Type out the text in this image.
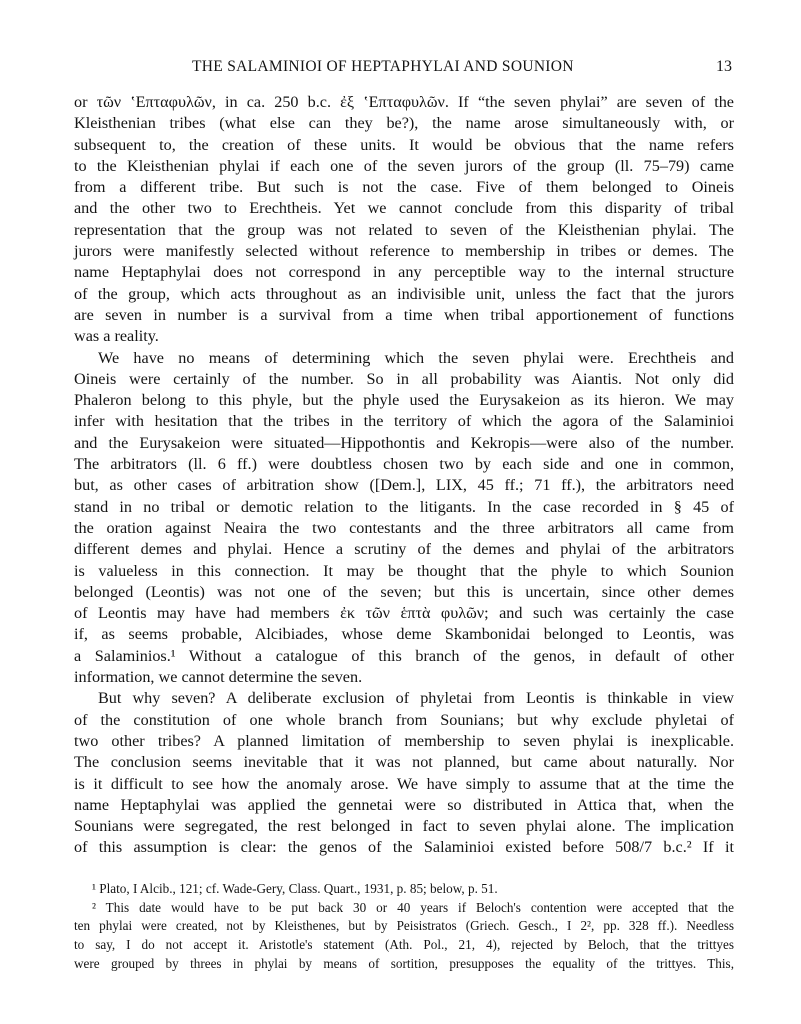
THE SALAMINIOI OF HEPTAPHYLAI AND SOUNION	13
or τῶν ʽΕπταφυλῶν, in ca. 250 b.c. ἐξ ʽΕπταφυλῶν. If “the seven phylai” are seven of the
Kleisthenian tribes (what else can they be?), the name arose simultaneously with, or
subsequent to, the creation of these units. It would be obvious that the name refers
to the Kleisthenian phylai if each one of the seven jurors of the group (ll. 75–79) came
from a different tribe. But such is not the case. Five of them belonged to Oineis
and the other two to Erechtheis. Yet we cannot conclude from this disparity of tribal
representation that the group was not related to seven of the Kleisthenian phylai. The
jurors were manifestly selected without reference to membership in tribes or demes. The
name Heptaphylai does not correspond in any perceptible way to the internal structure
of the group, which acts throughout as an indivisible unit, unless the fact that the jurors
are seven in number is a survival from a time when tribal apportionement of functions
was a reality.
We have no means of determining which the seven phylai were. Erechtheis and
Oineis were certainly of the number. So in all probability was Aiantis. Not only did
Phaleron belong to this phyle, but the phyle used the Eurysakeion as its hieron. We may
infer with hesitation that the tribes in the territory of which the agora of the Salaminioi
and the Eurysakeion were situated—Hippothontis and Kekropis—were also of the number.
The arbitrators (ll. 6 ff.) were doubtless chosen two by each side and one in common,
but, as other cases of arbitration show ([Dem.], LIX, 45 ff.; 71 ff.), the arbitrators need
stand in no tribal or demotic relation to the litigants. In the case recorded in § 45 of
the oration against Neaira the two contestants and the three arbitrators all came from
different demes and phylai. Hence a scrutiny of the demes and phylai of the arbitrators
is valueless in this connection. It may be thought that the phyle to which Sounion
belonged (Leontis) was not one of the seven; but this is uncertain, since other demes
of Leontis may have had members ἐκ τῶν ἑπτὰ φυλῶν; and such was certainly the case
if, as seems probable, Alcibiades, whose deme Skambonidai belonged to Leontis, was
a Salaminios.¹ Without a catalogue of this branch of the genos, in default of other
information, we cannot determine the seven.
But why seven? A deliberate exclusion of phyletai from Leontis is thinkable in view
of the constitution of one whole branch from Sounians; but why exclude phyletai of
two other tribes? A planned limitation of membership to seven phylai is inexplicable.
The conclusion seems inevitable that it was not planned, but came about naturally. Nor
is it difficult to see how the anomaly arose. We have simply to assume that at the time the
name Heptaphylai was applied the gennetai were so distributed in Attica that, when the
Sounians were segregated, the rest belonged in fact to seven phylai alone. The implication
of this assumption is clear: the genos of the Salaminioi existed before 508/7 b.c.² If it
¹ Plato, I Alcib., 121; cf. Wade-Gery, Class. Quart., 1931, p. 85; below, p. 51.
² This date would have to be put back 30 or 40 years if Beloch's contention were accepted that the
ten phylai were created, not by Kleisthenes, but by Peisistratos (Griech. Gesch., I 2², pp. 328 ff.). Needless
to say, I do not accept it. Aristotle's statement (Ath. Pol., 21, 4), rejected by Beloch, that the trittyes
were grouped by threes in phylai by means of sortition, presupposes the equality of the trittyes. This,
